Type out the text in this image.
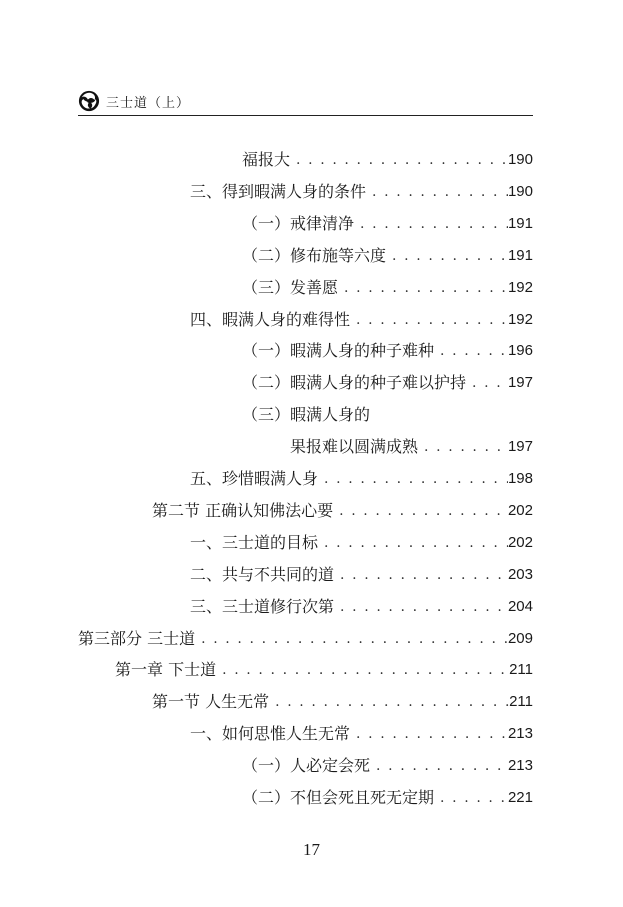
三士道（上）
福报大 . . .	190
三、得到暇满人身的条件 . . .	190
（一）戒律清净 . . .	191
（二）修布施等六度 . . .	191
（三）发善愿 . . .	192
四、暇满人身的难得性 . . .	192
（一）暇满人身的种子难种 . . .	196
（二）暇满人身的种子难以护持 . . .	197
（三）暇满人身的
果报难以圆满成熟 . . .	197
五、珍惜暇满人身 . . .	198
第二节 正确认知佛法心要 . . .	202
一、三士道的目标 . . .	202
二、共与不共同的道 . . .	203
三、三士道修行次第 . . .	204
第三部分 三士道 . . .	209
第一章 下士道 . . .	211
第一节 人生无常 . . .	211
一、如何思惟人生无常 . . .	213
（一）人必定会死 . . .	213
（二）不但会死且死无定期 . . .	221
17
